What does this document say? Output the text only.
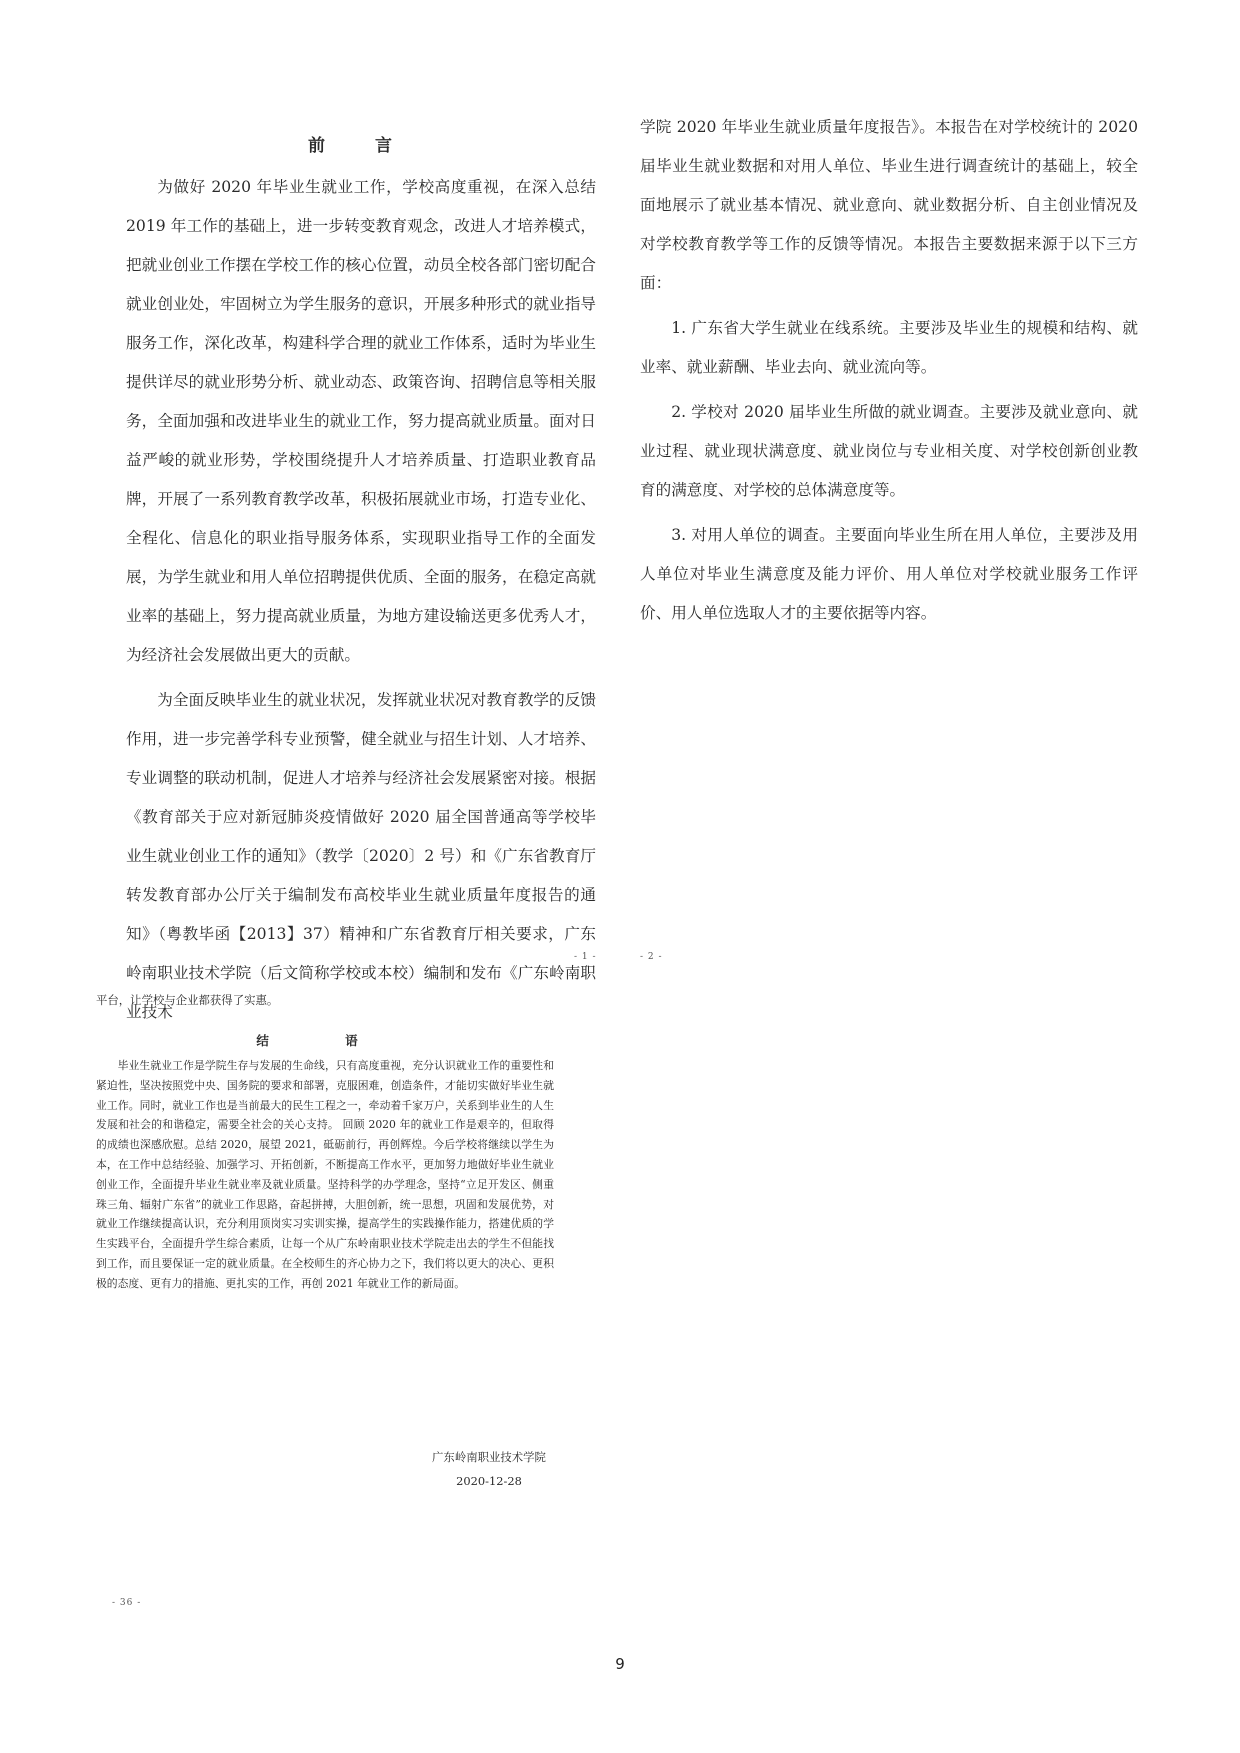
前 言

为做好 2020 年毕业生就业工作，学校高度重视，在深入总结 2019 年工作的基础上，进一步转变教育观念，改进人才培养模式，把就业创业工作摆在学校工作的核心位置，动员全校各部门密切配合就业创业处，牢固树立为学生服务的意识，开展多种形式的就业指导服务工作，深化改革，构建科学合理的就业工作体系，适时为毕业生提供详尽的就业形势分析、就业动态、政策咨询、招聘信息等相关服务，全面加强和改进毕业生的就业工作，努力提高就业质量。面对日益严峻的就业形势，学校围绕提升人才培养质量、打造职业教育品牌，开展了一系列教育教学改革，积极拓展就业市场，打造专业化、全程化、信息化的职业指导服务体系，实现职业指导工作的全面发展，为学生就业和用人单位招聘提供优质、全面的服务，在稳定高就业率的基础上，努力提高就业质量，为地方建设输送更多优秀人才，为经济社会发展做出更大的贡献。

为全面反映毕业生的就业状况，发挥就业状况对教育教学的反馈作用，进一步完善学科专业预警，健全就业与招生计划、人才培养、专业调整的联动机制，促进人才培养与经济社会发展紧密对接。根据《教育部关于应对新冠肺炎疫情做好 2020 届全国普通高等学校毕业生就业创业工作的通知》（教学〔2020〕2 号）和《广东省教育厅转发教育部办公厅关于编制发布高校毕业生就业质量年度报告的通知》（粤教毕函【2013】37）精神和广东省教育厅相关要求，广东岭南职业技术学院（后文简称学校或本校）编制和发布《广东岭南职业技术

- 1 -

学院 2020 年毕业生就业质量年度报告》。本报告在对学校统计的 2020 届毕业生就业数据和对用人单位、毕业生进行调查统计的基础上，较全面地展示了就业基本情况、就业意向、就业数据分析、自主创业情况及对学校教育教学等工作的反馈等情况。本报告主要数据来源于以下三方面：

1. 广东省大学生就业在线系统。主要涉及毕业生的规模和结构、就业率、就业薪酬、毕业去向、就业流向等。

2. 学校对 2020 届毕业生所做的就业调查。主要涉及就业意向、就业过程、就业现状满意度、就业岗位与专业相关度、对学校创新创业教育的满意度、对学校的总体满意度等。

3. 对用人单位的调查。主要面向毕业生所在用人单位，主要涉及用人单位对毕业生满意度及能力评价、用人单位对学校就业服务工作评价、用人单位选取人才的主要依据等内容。

- 2 -

平台，让学校与企业都获得了实惠。

结 语

毕业生就业工作是学院生存与发展的生命线，只有高度重视，充分认识就业工作的重要性和紧迫性，坚决按照党中央、国务院的要求和部署，克服困难，创造条件，才能切实做好毕业生就业工作。同时，就业工作也是当前最大的民生工程之一，牵动着千家万户，关系到毕业生的人生发展和社会的和谐稳定，需要全社会的关心支持。 回顾 2020 年的就业工作是艰辛的，但取得的成绩也深感欣慰。总结 2020，展望 2021，砥砺前行，再创辉煌。今后学校将继续以学生为本，在工作中总结经验、加强学习、开拓创新，不断提高工作水平，更加努力地做好毕业生就业创业工作，全面提升毕业生就业率及就业质量。坚持科学的办学理念，坚持“立足开发区、侧重珠三角、辐射广东省”的就业工作思路，奋起拼搏，大胆创新，统一思想，巩固和发展优势，对就业工作继续提高认识，充分利用顶岗实习实训实操，提高学生的实践操作能力，搭建优质的学生实践平台，全面提升学生综合素质，让每一个从广东岭南职业技术学院走出去的学生不但能找到工作，而且要保证一定的就业质量。在全校师生的齐心协力之下，我们将以更大的决心、更积极的态度、更有力的措施、更扎实的工作，再创 2021 年就业工作的新局面。

广东岭南职业技术学院
2020-12-28
- 36 -
9
